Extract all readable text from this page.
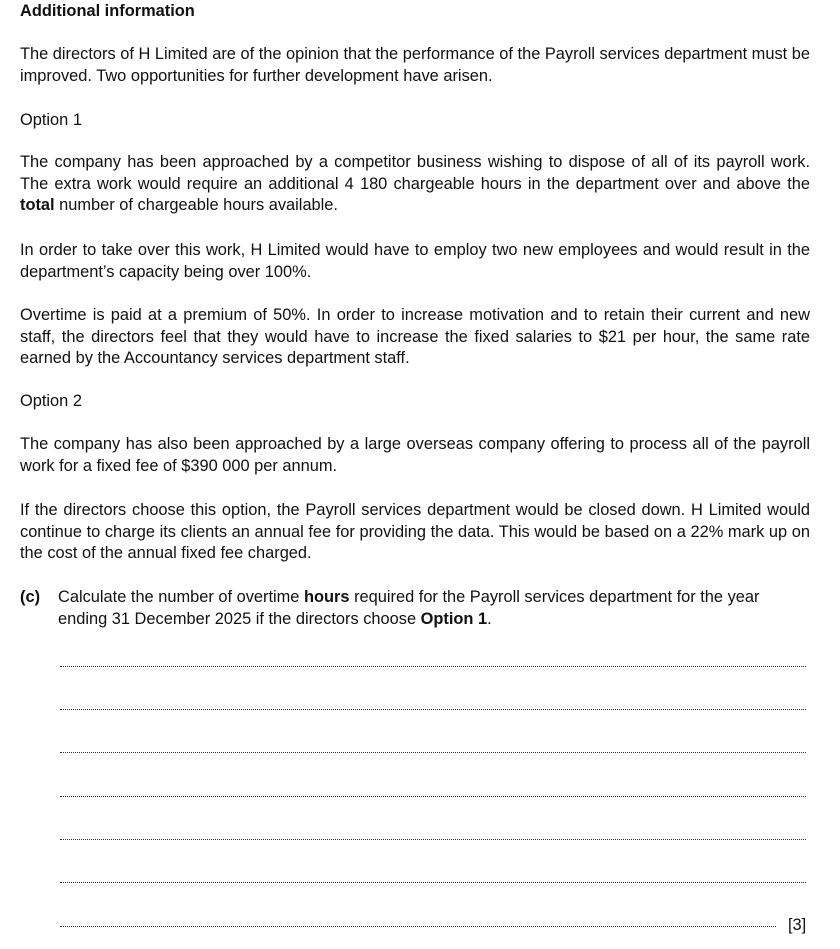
Additional information
The directors of H Limited are of the opinion that the performance of the Payroll services department must be improved. Two opportunities for further development have arisen.
Option 1
The company has been approached by a competitor business wishing to dispose of all of its payroll work. The extra work would require an additional 4 180 chargeable hours in the department over and above the total number of chargeable hours available.
In order to take over this work, H Limited would have to employ two new employees and would result in the department’s capacity being over 100%.
Overtime is paid at a premium of 50%. In order to increase motivation and to retain their current and new staff, the directors feel that they would have to increase the fixed salaries to $21 per hour, the same rate earned by the Accountancy services department staff.
Option 2
The company has also been approached by a large overseas company offering to process all of the payroll work for a fixed fee of $390 000 per annum.
If the directors choose this option, the Payroll services department would be closed down. H Limited would continue to charge its clients an annual fee for providing the data. This would be based on a 22% mark up on the cost of the annual fixed fee charged.
(c) Calculate the number of overtime hours required for the Payroll services department for the year ending 31 December 2025 if the directors choose Option 1.
[3]
